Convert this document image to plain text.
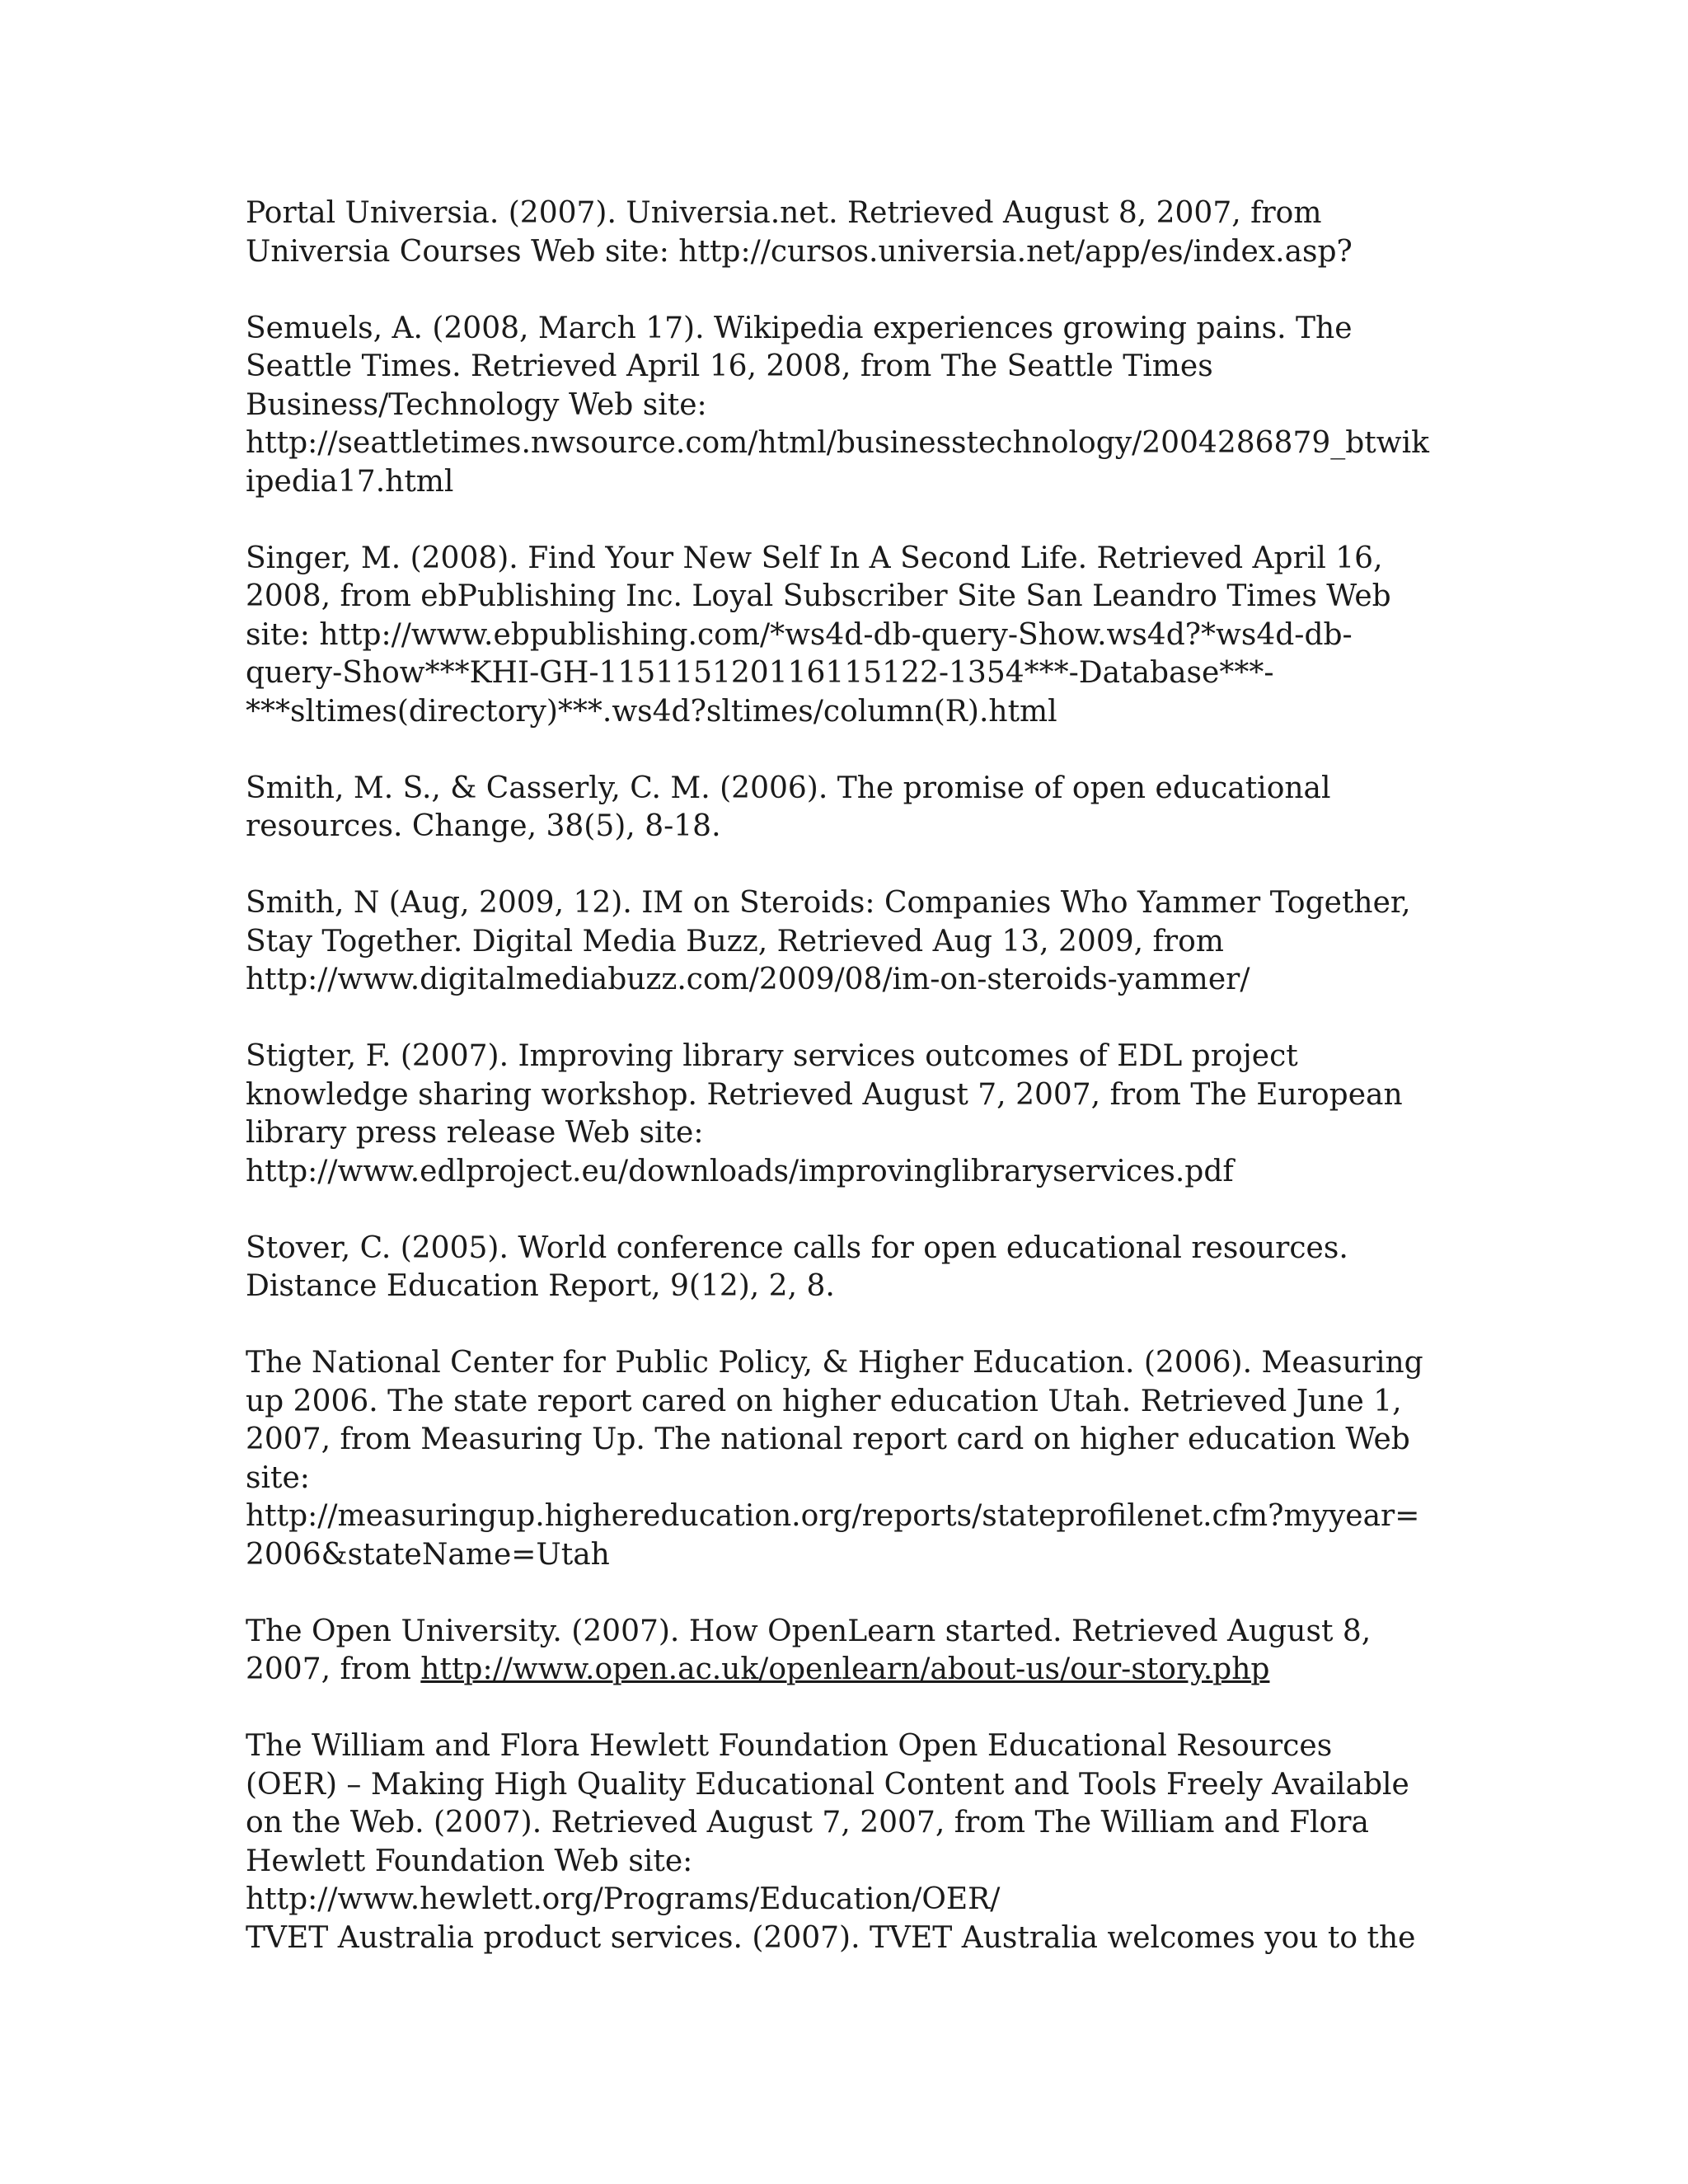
Portal Universia. (2007). Universia.net. Retrieved August 8, 2007, from
Universia Courses Web site: http://cursos.universia.net/app/es/index.asp?
Semuels, A. (2008, March 17). Wikipedia experiences growing pains. The
Seattle Times. Retrieved April 16, 2008, from The Seattle Times
Business/Technology Web site:
http://seattletimes.nwsource.com/html/businesstechnology/2004286879_btwik
ipedia17.html
Singer, M. (2008). Find Your New Self In A Second Life. Retrieved April 16,
2008, from ebPublishing Inc. Loyal Subscriber Site San Leandro Times Web
site: http://www.ebpublishing.com/*ws4d-db-query-Show.ws4d?*ws4d-db-
query-Show***KHI-GH-115115120116115122-1354***-Database***-
***sltimes(directory)***.ws4d?sltimes/column(R).html
Smith, M. S., & Casserly, C. M. (2006). The promise of open educational
resources. Change, 38(5), 8-18.
Smith, N (Aug, 2009, 12). IM on Steroids: Companies Who Yammer Together,
Stay Together. Digital Media Buzz, Retrieved Aug 13, 2009, from
http://www.digitalmediabuzz.com/2009/08/im-on-steroids-yammer/
Stigter, F. (2007). Improving library services outcomes of EDL project
knowledge sharing workshop. Retrieved August 7, 2007, from The European
library press release Web site:
http://www.edlproject.eu/downloads/improvinglibraryservices.pdf
Stover, C. (2005). World conference calls for open educational resources.
Distance Education Report, 9(12), 2, 8.
The National Center for Public Policy, & Higher Education. (2006). Measuring
up 2006. The state report cared on higher education Utah. Retrieved June 1,
2007, from Measuring Up. The national report card on higher education Web
site:
http://measuringup.highereducation.org/reports/stateprofilenet.cfm?myyear=
2006&stateName=Utah
The Open University. (2007). How OpenLearn started. Retrieved August 8,
2007, from http://www.open.ac.uk/openlearn/about-us/our-story.php
The William and Flora Hewlett Foundation Open Educational Resources
(OER) – Making High Quality Educational Content and Tools Freely Available
on the Web. (2007). Retrieved August 7, 2007, from The William and Flora
Hewlett Foundation Web site:
http://www.hewlett.org/Programs/Education/OER/
TVET Australia product services. (2007). TVET Australia welcomes you to the
